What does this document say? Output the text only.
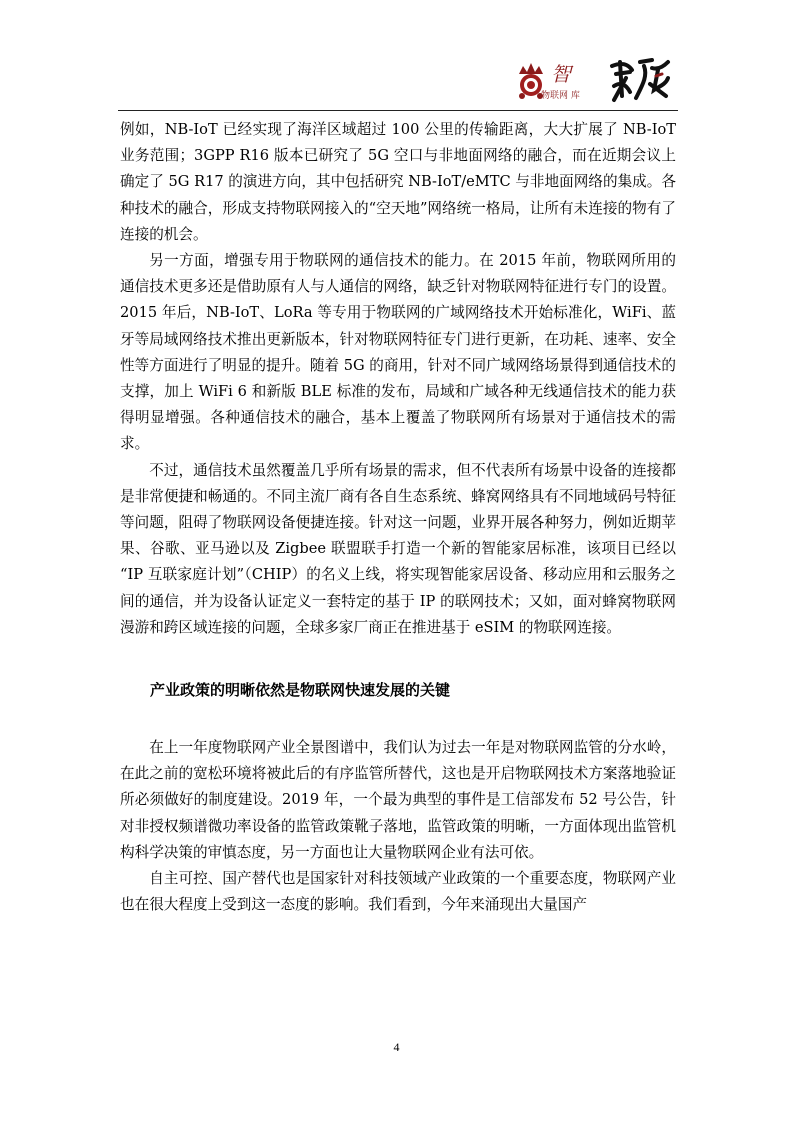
智
物联网 库

例如，NB-IoT 已经实现了海洋区域超过 100 公里的传输距离，大大扩展了 NB-IoT 业务范围；3GPP R16 版本已研究了 5G 空口与非地面网络的融合，而在近期会议上确定了 5G R17 的演进方向，其中包括研究 NB-IoT/eMTC 与非地面网络的集成。各种技术的融合，形成支持物联网接入的“空天地”网络统一格局，让所有未连接的物有了连接的机会。

另一方面，增强专用于物联网的通信技术的能力。在 2015 年前，物联网所用的通信技术更多还是借助原有人与人通信的网络，缺乏针对物联网特征进行专门的设置。2015 年后，NB-IoT、LoRa 等专用于物联网的广域网络技术开始标准化，WiFi、蓝牙等局域网络技术推出更新版本，针对物联网特征专门进行更新，在功耗、速率、安全性等方面进行了明显的提升。随着 5G 的商用，针对不同广域网络场景得到通信技术的支撑，加上 WiFi 6 和新版 BLE 标准的发布，局域和广域各种无线通信技术的能力获得明显增强。各种通信技术的融合，基本上覆盖了物联网所有场景对于通信技术的需求。

不过，通信技术虽然覆盖几乎所有场景的需求，但不代表所有场景中设备的连接都是非常便捷和畅通的。不同主流厂商有各自生态系统、蜂窝网络具有不同地域码号特征等问题，阻碍了物联网设备便捷连接。针对这一问题，业界开展各种努力，例如近期苹果、谷歌、亚马逊以及 Zigbee 联盟联手打造一个新的智能家居标准，该项目已经以 “IP 互联家庭计划”（CHIP）的名义上线，将实现智能家居设备、移动应用和云服务之间的通信，并为设备认证定义一套特定的基于 IP 的联网技术；又如，面对蜂窝物联网漫游和跨区域连接的问题，全球多家厂商正在推进基于 eSIM 的物联网连接。

产业政策的明晰依然是物联网快速发展的关键

在上一年度物联网产业全景图谱中，我们认为过去一年是对物联网监管的分水岭，在此之前的宽松环境将被此后的有序监管所替代，这也是开启物联网技术方案落地验证所必须做好的制度建设。2019 年，一个最为典型的事件是工信部发布 52 号公告，针对非授权频谱微功率设备的监管政策靴子落地，监管政策的明晰，一方面体现出监管机构科学决策的审慎态度，另一方面也让大量物联网企业有法可依。

自主可控、国产替代也是国家针对科技领域产业政策的一个重要态度，物联网产业也在很大程度上受到这一态度的影响。我们看到，今年来涌现出大量国产

4
